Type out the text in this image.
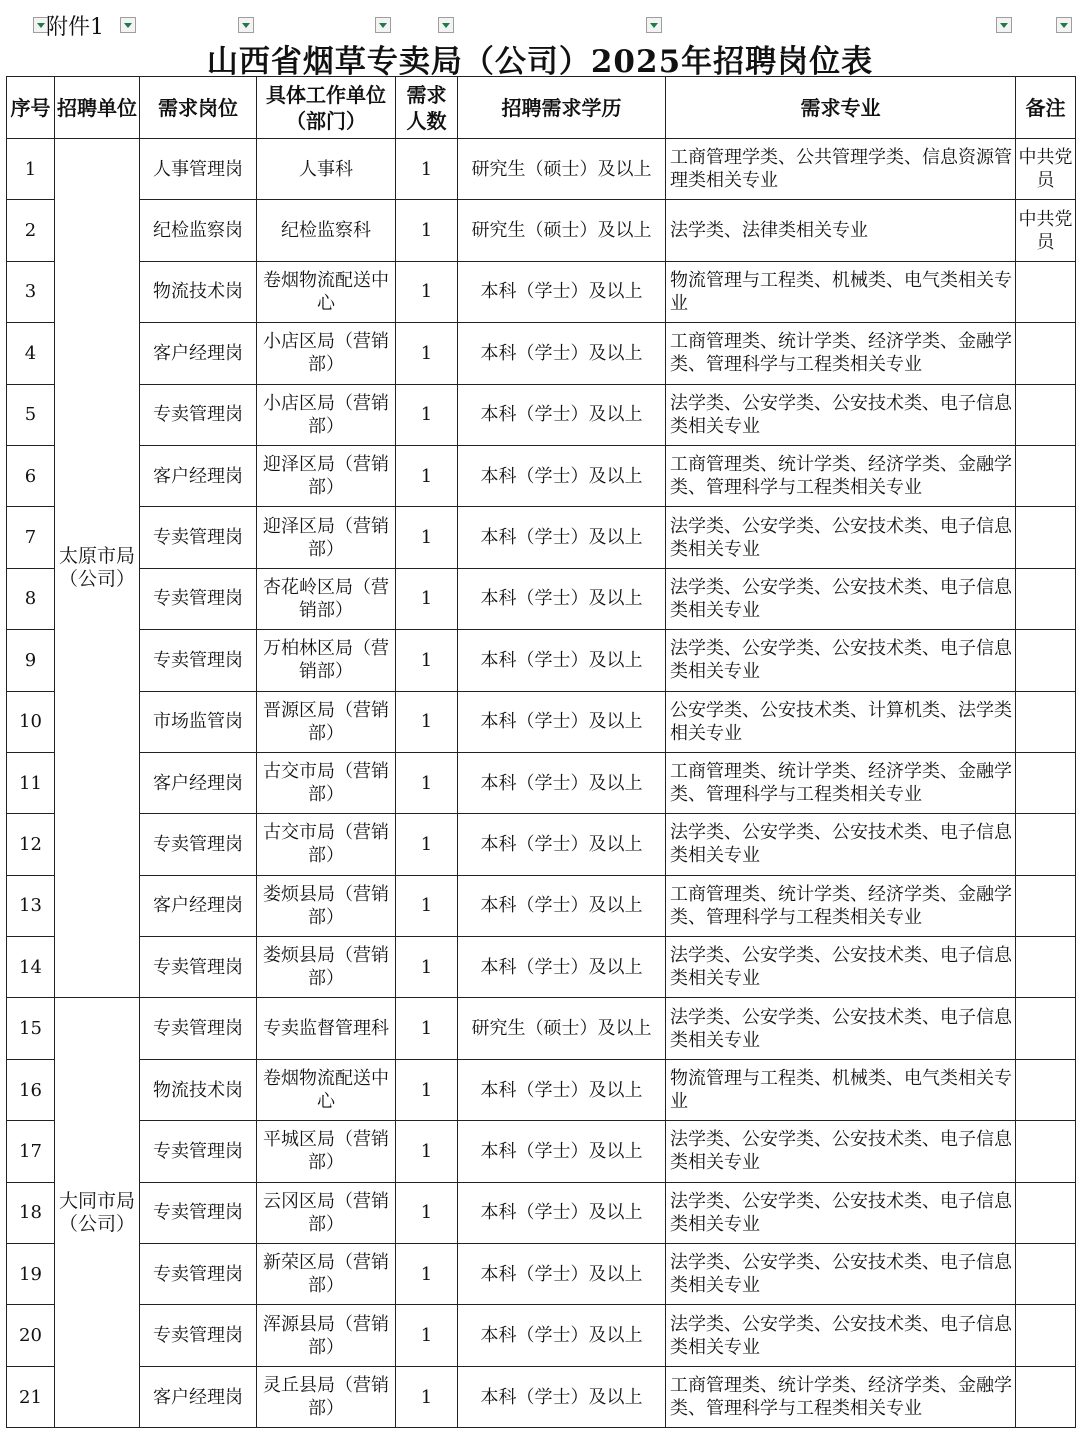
附件1
山西省烟草专卖局（公司）2025年招聘岗位表
序号	招聘单位	需求岗位	具体工作单位（部门）	需求人数	招聘需求学历	需求专业	备注
1	太原市局（公司）	人事管理岗	人事科	1	研究生（硕士）及以上	工商管理学类、公共管理学类、信息资源管理类相关专业	中共党员
2		纪检监察岗	纪检监察科	1	研究生（硕士）及以上	法学类、法律类相关专业	中共党员
3		物流技术岗	卷烟物流配送中心	1	本科（学士）及以上	物流管理与工程类、机械类、电气类相关专业	
4		客户经理岗	小店区局（营销部）	1	本科（学士）及以上	工商管理类、统计学类、经济学类、金融学类、管理科学与工程类相关专业	
5		专卖管理岗	小店区局（营销部）	1	本科（学士）及以上	法学类、公安学类、公安技术类、电子信息类相关专业	
6		客户经理岗	迎泽区局（营销部）	1	本科（学士）及以上	工商管理类、统计学类、经济学类、金融学类、管理科学与工程类相关专业	
7		专卖管理岗	迎泽区局（营销部）	1	本科（学士）及以上	法学类、公安学类、公安技术类、电子信息类相关专业	
8		专卖管理岗	杏花岭区局（营销部）	1	本科（学士）及以上	法学类、公安学类、公安技术类、电子信息类相关专业	
9		专卖管理岗	万柏林区局（营销部）	1	本科（学士）及以上	法学类、公安学类、公安技术类、电子信息类相关专业	
10		市场监管岗	晋源区局（营销部）	1	本科（学士）及以上	公安学类、公安技术类、计算机类、法学类相关专业	
11		客户经理岗	古交市局（营销部）	1	本科（学士）及以上	工商管理类、统计学类、经济学类、金融学类、管理科学与工程类相关专业	
12		专卖管理岗	古交市局（营销部）	1	本科（学士）及以上	法学类、公安学类、公安技术类、电子信息类相关专业	
13		客户经理岗	娄烦县局（营销部）	1	本科（学士）及以上	工商管理类、统计学类、经济学类、金融学类、管理科学与工程类相关专业	
14		专卖管理岗	娄烦县局（营销部）	1	本科（学士）及以上	法学类、公安学类、公安技术类、电子信息类相关专业	
15	大同市局（公司）	专卖管理岗	专卖监督管理科	1	研究生（硕士）及以上	法学类、公安学类、公安技术类、电子信息类相关专业	
16		物流技术岗	卷烟物流配送中心	1	本科（学士）及以上	物流管理与工程类、机械类、电气类相关专业	
17		专卖管理岗	平城区局（营销部）	1	本科（学士）及以上	法学类、公安学类、公安技术类、电子信息类相关专业	
18		专卖管理岗	云冈区局（营销部）	1	本科（学士）及以上	法学类、公安学类、公安技术类、电子信息类相关专业	
19		专卖管理岗	新荣区局（营销部）	1	本科（学士）及以上	法学类、公安学类、公安技术类、电子信息类相关专业	
20		专卖管理岗	浑源县局（营销部）	1	本科（学士）及以上	法学类、公安学类、公安技术类、电子信息类相关专业	
21		客户经理岗	灵丘县局（营销部）	1	本科（学士）及以上	工商管理类、统计学类、经济学类、金融学类、管理科学与工程类相关专业	
